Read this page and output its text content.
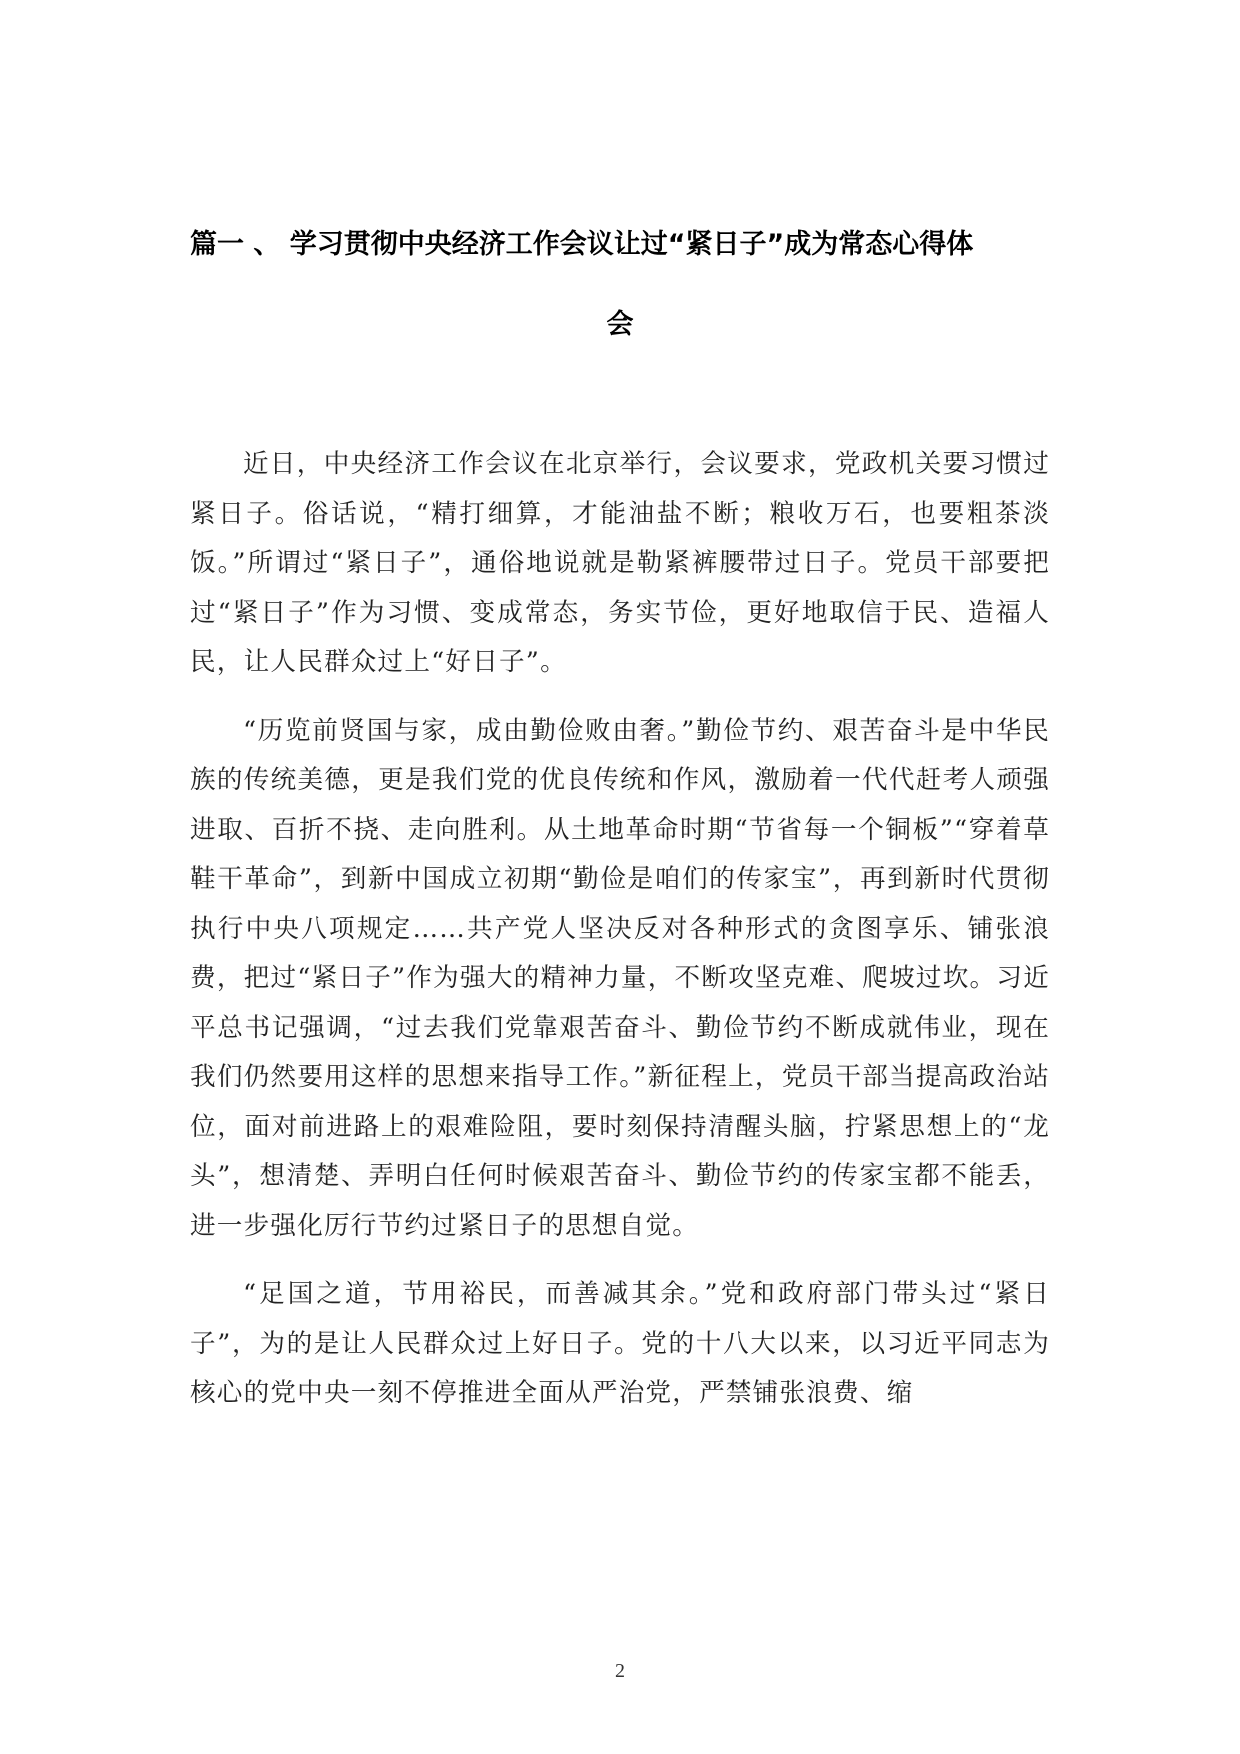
篇一 、 学习贯彻中央经济工作会议让过“紧日子”成为常态心得体
会

近日，中央经济工作会议在北京举行，会议要求，党政机关要习惯过紧日子。俗话说，“精打细算，才能油盐不断；粮收万石，也要粗茶淡饭。”所谓过“紧日子”，通俗地说就是勒紧裤腰带过日子。党员干部要把过“紧日子”作为习惯、变成常态，务实节俭，更好地取信于民、造福人民，让人民群众过上“好日子”。

“历览前贤国与家，成由勤俭败由奢。”勤俭节约、艰苦奋斗是中华民族的传统美德，更是我们党的优良传统和作风，激励着一代代赶考人顽强进取、百折不挠、走向胜利。从土地革命时期“节省每一个铜板”“穿着草鞋干革命”，到新中国成立初期“勤俭是咱们的传家宝”，再到新时代贯彻执行中央八项规定……共产党人坚决反对各种形式的贪图享乐、铺张浪费，把过“紧日子”作为强大的精神力量，不断攻坚克难、爬坡过坎。习近平总书记强调，“过去我们党靠艰苦奋斗、勤俭节约不断成就伟业，现在我们仍然要用这样的思想来指导工作。”新征程上，党员干部当提高政治站位，面对前进路上的艰难险阻，要时刻保持清醒头脑，拧紧思想上的“龙头”，想清楚、弄明白任何时候艰苦奋斗、勤俭节约的传家宝都不能丢，进一步强化厉行节约过紧日子的思想自觉。

“足国之道，节用裕民，而善减其余。”党和政府部门带头过“紧日子”，为的是让人民群众过上好日子。党的十八大以来，以习近平同志为核心的党中央一刻不停推进全面从严治党，严禁铺张浪费、缩

2
